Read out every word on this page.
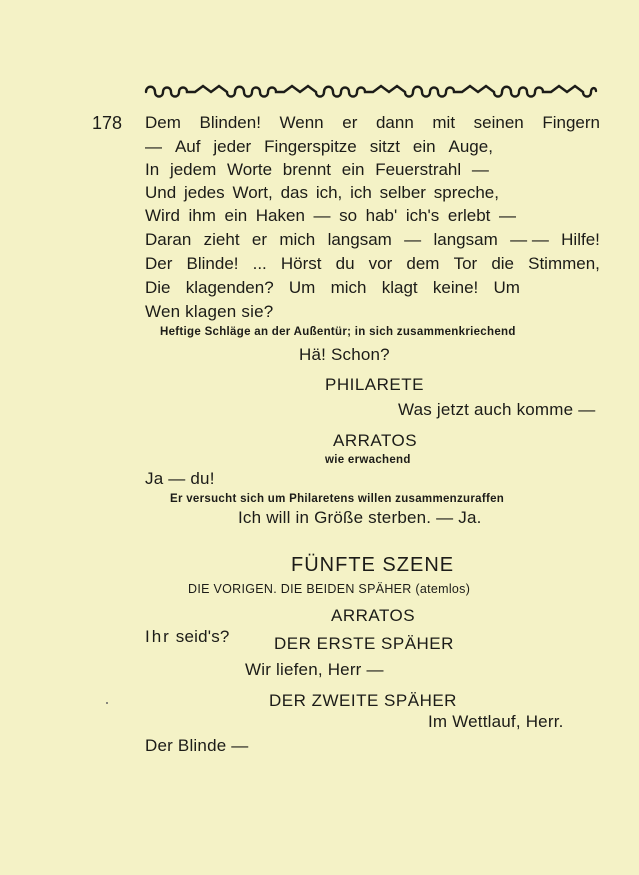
178 Dem Blinden! Wenn er dann mit seinen Fingern
— Auf jeder Fingerspitze sitzt ein Auge,
In jedem Worte brennt ein Feuerstrahl —
Und jedes Wort, das ich, ich selber spreche,
Wird ihm ein Haken — so hab' ich's erlebt —
Daran zieht er mich langsam — langsam — — Hilfe!
Der Blinde! ... Hörst du vor dem Tor die Stimmen,
Die klagenden? Um mich klagt keine! Um
Wen klagen sie?
Heftige Schläge an der Außentür; in sich zusammenkriechend
Hä! Schon?
PHILARETE
Was jetzt auch komme —
ARRATOS
wie erwachend
Ja — du!
Er versucht sich um Philaretens willen zusammenzuraffen
Ich will in Größe sterben. — Ja.
FÜNFTE SZENE
DIE VORIGEN. DIE BEIDEN SPÄHER (atemlos)
ARRATOS
Ihr seid's?	DER ERSTE SPÄHER
Wir liefen, Herr —
DER ZWEITE SPÄHER
Im Wettlauf, Herr.
Der Blinde —
